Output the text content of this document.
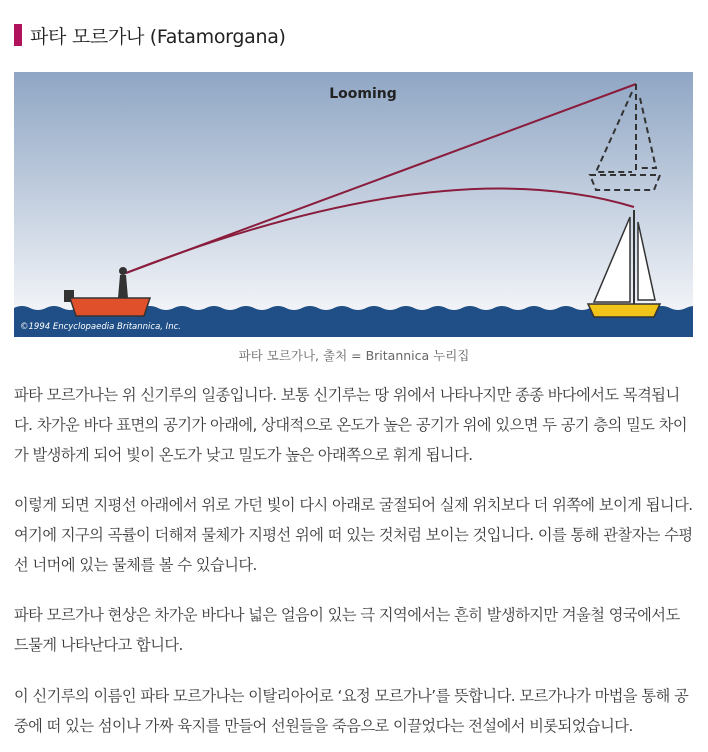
파타 모르가나 (Fatamorgana)
Looming
©1994 Encyclopaedia Britannica, Inc.
파타 모르가나, 출처 = Britannica 누리집

파타 모르가나는 위 신기루의 일종입니다. 보통 신기루는 땅 위에서 나타나지만 종종 바다에서도 목격됩니다. 차가운 바다 표면의 공기가 아래에, 상대적으로 온도가 높은 공기가 위에 있으면 두 공기 층의 밀도 차이가 발생하게 되어 빛이 온도가 낮고 밀도가 높은 아래쪽으로 휘게 됩니다.

이렇게 되면 지평선 아래에서 위로 가던 빛이 다시 아래로 굴절되어 실제 위치보다 더 위쪽에 보이게 됩니다. 여기에 지구의 곡률이 더해져 물체가 지평선 위에 떠 있는 것처럼 보이는 것입니다. 이를 통해 관찰자는 수평선 너머에 있는 물체를 볼 수 있습니다.

파타 모르가나 현상은 차가운 바다나 넓은 얼음이 있는 극 지역에서는 흔히 발생하지만 겨울철 영국에서도 드물게 나타난다고 합니다.

이 신기루의 이름인 파타 모르가나는 이탈리아어로 ‘요정 모르가나’를 뜻합니다. 모르가나가 마법을 통해 공중에 떠 있는 섬이나 가짜 육지를 만들어 선원들을 죽음으로 이끌었다는 전설에서 비롯되었습니다.
